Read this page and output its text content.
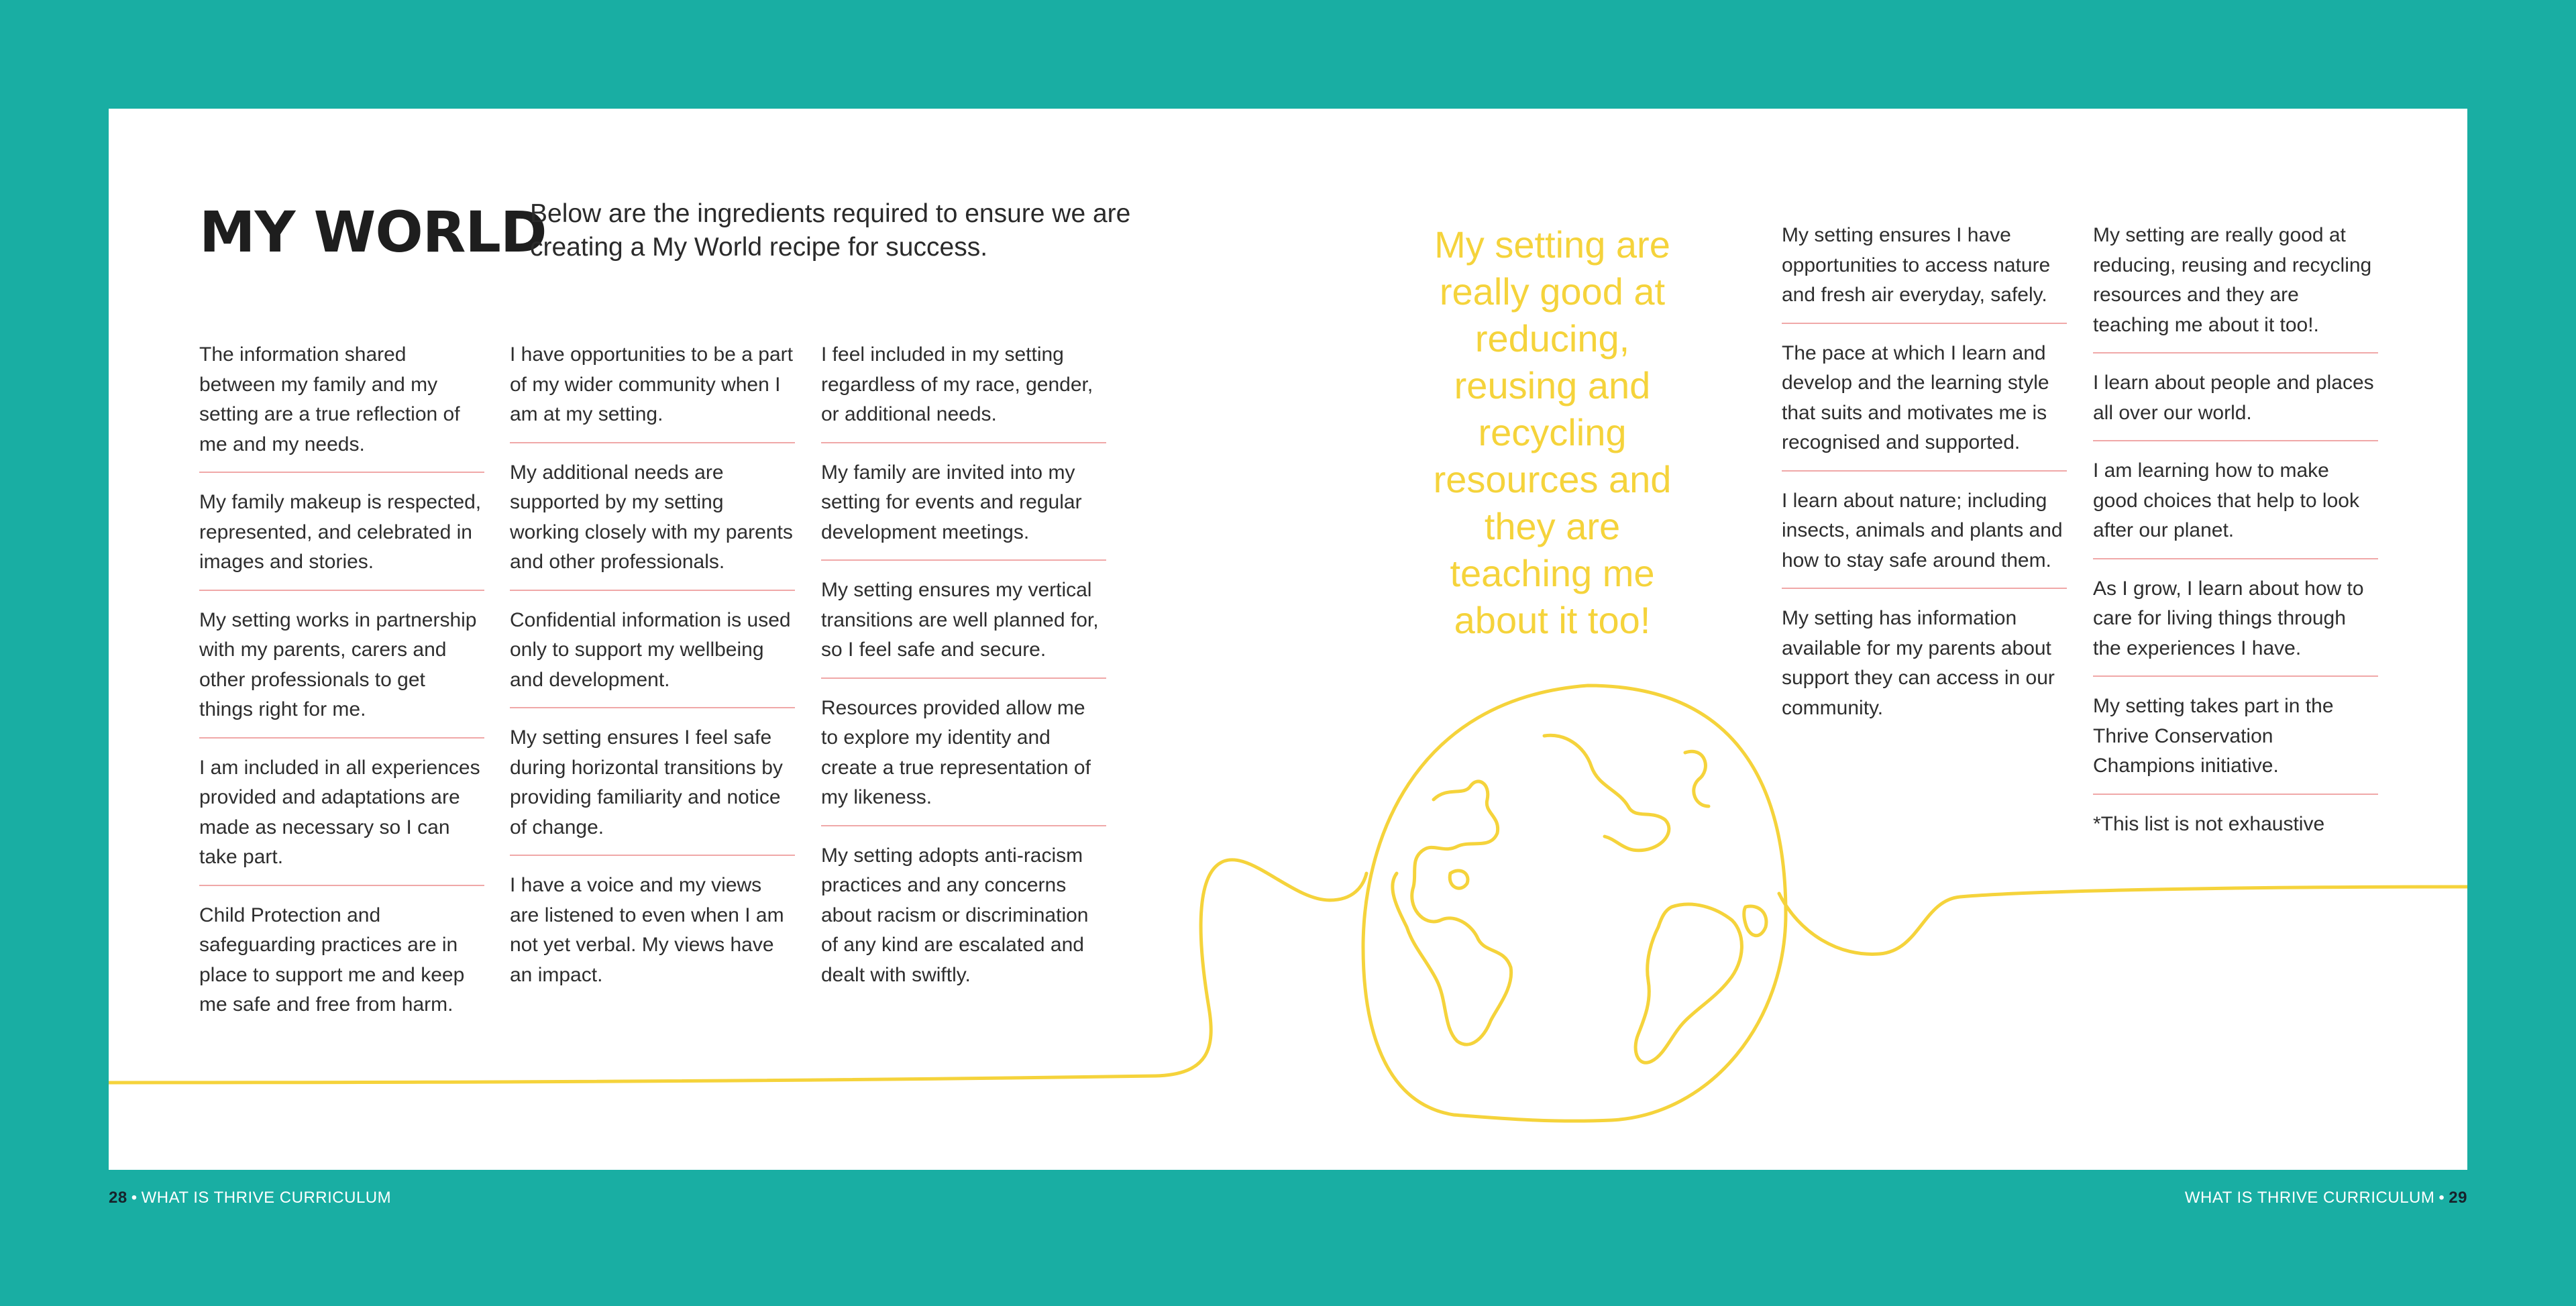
MY WORLD
Below are the ingredients required to ensure we are creating a My World recipe for success.
The information shared between my family and my setting are a true reflection of me and my needs.
My family makeup is respected, represented, and celebrated in images and stories.
My setting works in partnership with my parents, carers and other professionals to get things right for me.
I am included in all experiences provided and adaptations are made as necessary so I can take part.
Child Protection and safeguarding practices are in place to support me and keep me safe and free from harm.
I have opportunities to be a part of my wider community when I am at my setting.
My additional needs are supported by my setting working closely with my parents and other professionals.
Confidential information is used only to support my wellbeing and development.
My setting ensures I feel safe during horizontal transitions by providing familiarity and notice of change.
I have a voice and my views are listened to even when I am not yet verbal. My views have an impact.
I feel included in my setting regardless of my race, gender, or additional needs.
My family are invited into my setting for events and regular development meetings.
My setting ensures my vertical transitions are well planned for, so I feel safe and secure.
Resources provided allow me to explore my identity and create a true representation of my likeness.
My setting adopts anti-racism practices and any concerns about racism or discrimination of any kind are escalated and dealt with swiftly.
My setting are really good at reducing, reusing and recycling resources and they are teaching me about it too!
My setting ensures I have opportunities to access nature and fresh air everyday, safely.
The pace at which I learn and develop and the learning style that suits and motivates me is recognised and supported.
I learn about nature; including insects, animals and plants and how to stay safe around them.
My setting has information available for my parents about support they can access in our community.
My setting are really good at reducing, reusing and recycling resources and they are teaching me about it too!.
I learn about people and places all over our world.
I am learning how to make good choices that help to look after our planet.
As I grow, I learn about how to care for living things through the experiences I have.
My setting takes part in the Thrive Conservation Champions initiative.
*This list is not exhaustive
28 • WHAT IS THRIVE CURRICULUM	WHAT IS THRIVE CURRICULUM • 29
